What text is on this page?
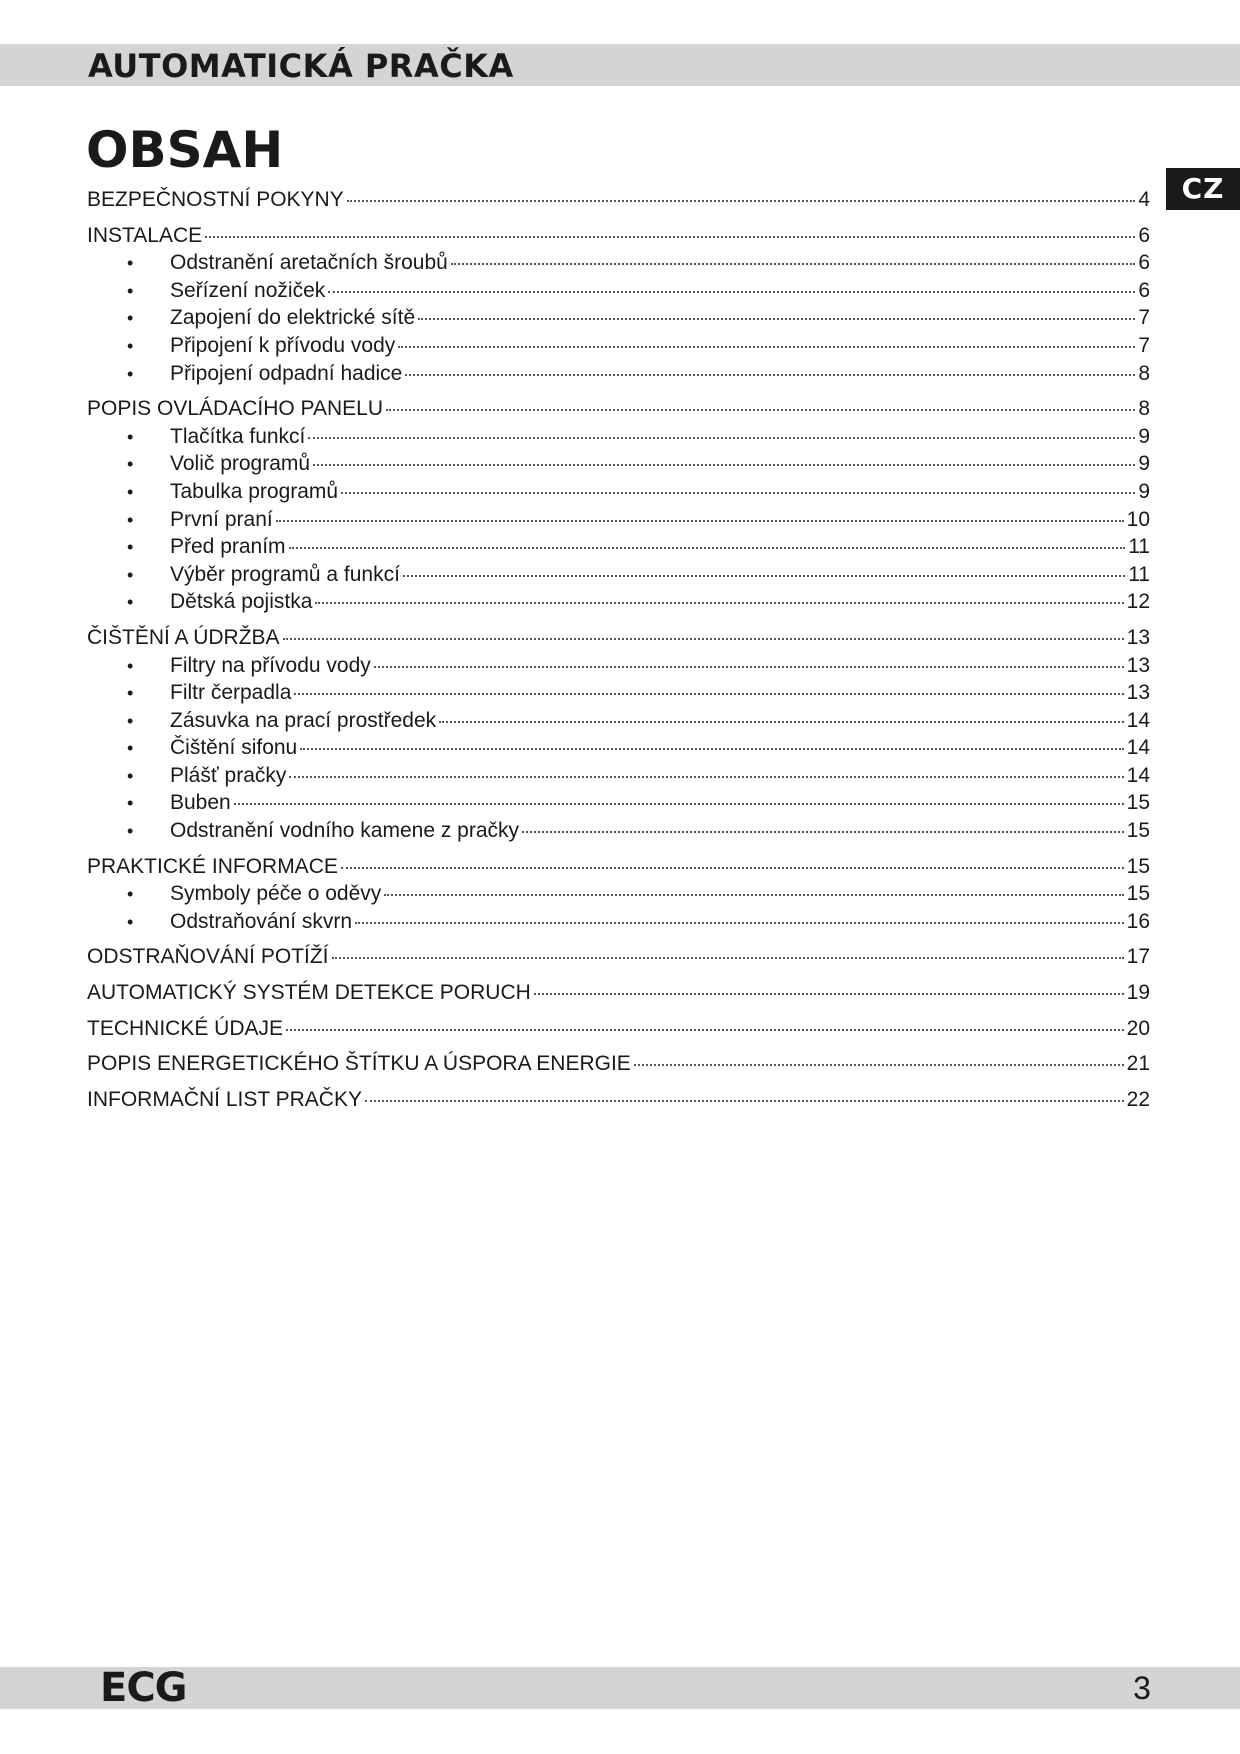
AUTOMATICKÁ PRAČKA
CZ
OBSAH
BEZPEČNOSTNÍ POKYNY	4
INSTALACE	6
•	Odstranění aretačních šroubů	6
•	Seřízení nožiček	6
•	Zapojení do elektrické sítě	7
•	Připojení k přívodu vody	7
•	Připojení odpadní hadice	8
POPIS OVLÁDACÍHO PANELU	8
•	Tlačítka funkcí	9
•	Volič programů	9
•	Tabulka programů	9
•	První praní	10
•	Před praním	11
•	Výběr programů a funkcí	11
•	Dětská pojistka	12
ČIŠTĚNÍ A ÚDRŽBA	13
•	Filtry na přívodu vody	13
•	Filtr čerpadla	13
•	Zásuvka na prací prostředek	14
•	Čištění sifonu	14
•	Plášť pračky	14
•	Buben	15
•	Odstranění vodního kamene z pračky	15
PRAKTICKÉ INFORMACE	15
•	Symboly péče o oděvy	15
•	Odstraňování skvrn	16
ODSTRAŇOVÁNÍ POTÍŽÍ	17
AUTOMATICKÝ SYSTÉM DETEKCE PORUCH	19
TECHNICKÉ ÚDAJE	20
POPIS ENERGETICKÉHO ŠTÍTKU A ÚSPORA ENERGIE	21
INFORMAČNÍ LIST PRAČKY	22
ECG	3
